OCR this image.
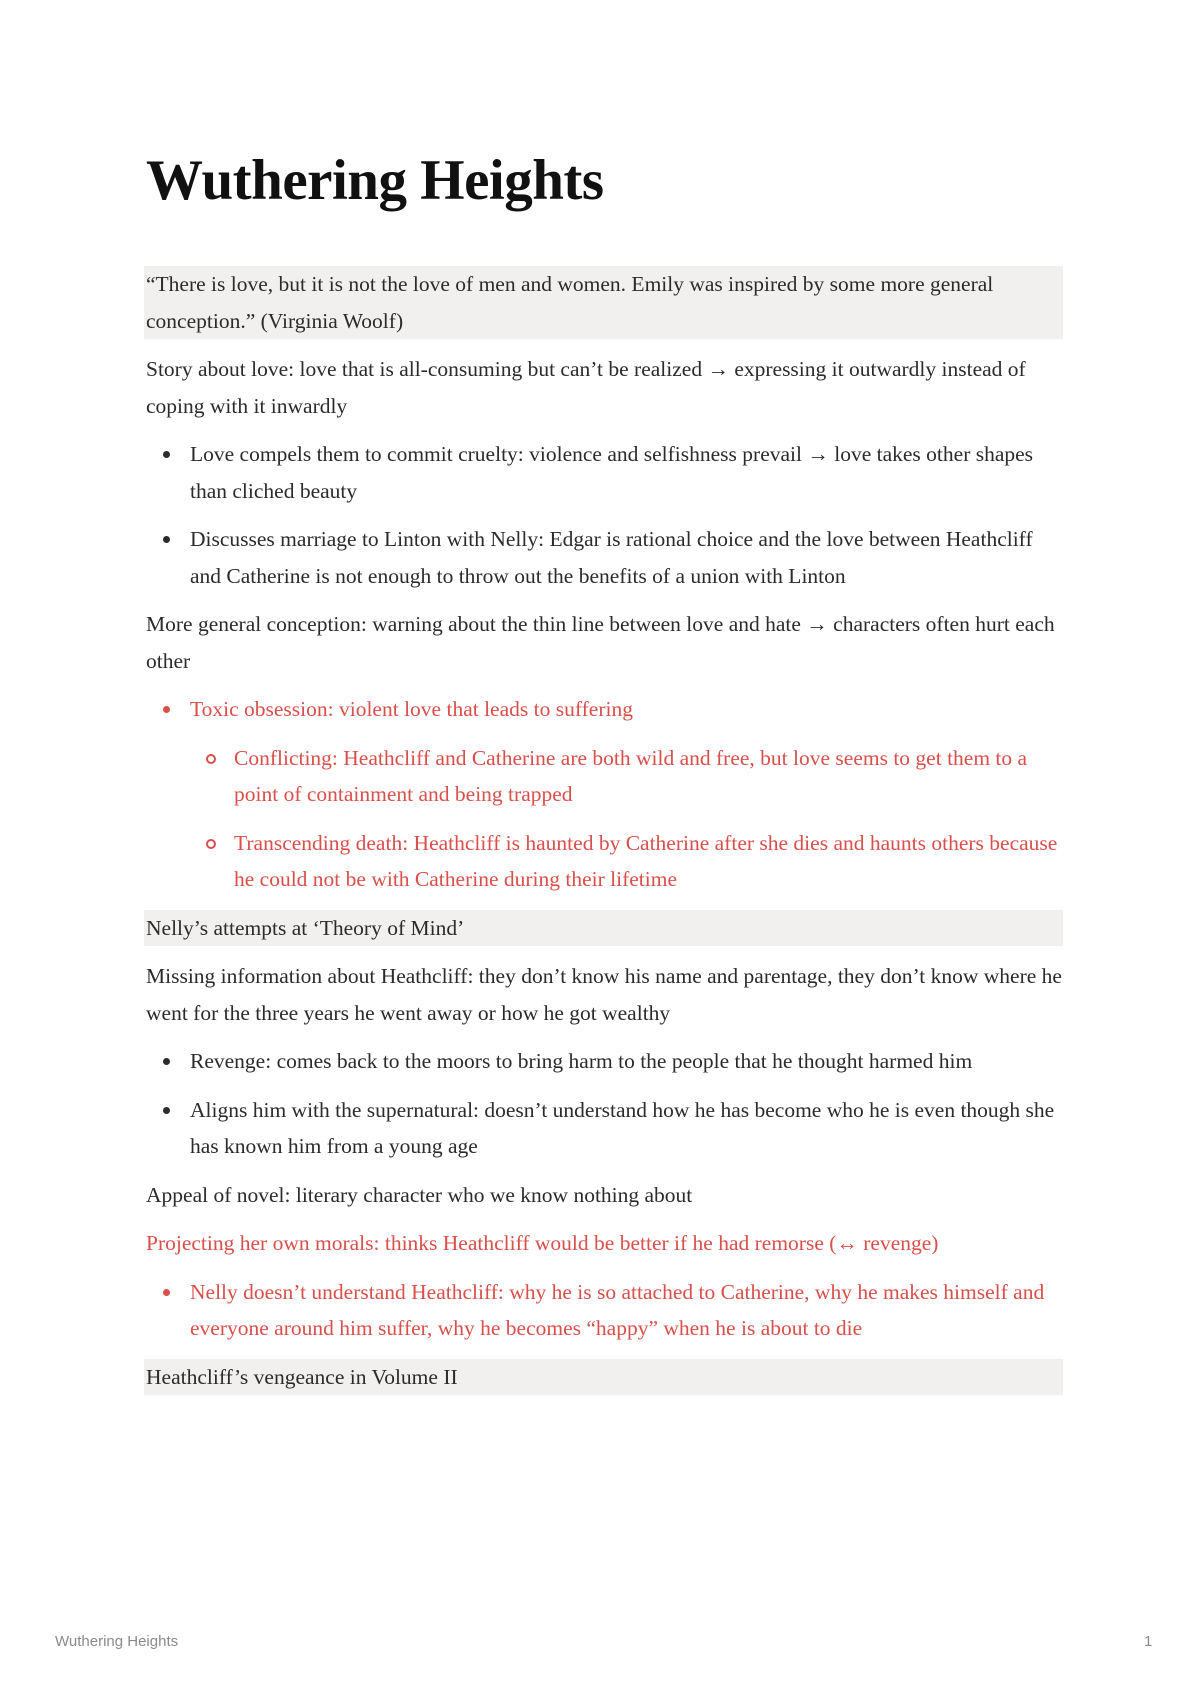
Wuthering Heights

“There is love, but it is not the love of men and women. Emily was inspired by some more general conception.” (Virginia Woolf)

Story about love: love that is all-consuming but can’t be realized → expressing it outwardly instead of coping with it inwardly

Love compels them to commit cruelty: violence and selfishness prevail → love takes other shapes than cliched beauty
Discusses marriage to Linton with Nelly: Edgar is rational choice and the love between Heathcliff and Catherine is not enough to throw out the benefits of a union with Linton

More general conception: warning about the thin line between love and hate → characters often hurt each other

Toxic obsession: violent love that leads to suffering
Conflicting: Heathcliff and Catherine are both wild and free, but love seems to get them to a point of containment and being trapped
Transcending death: Heathcliff is haunted by Catherine after she dies and haunts others because he could not be with Catherine during their lifetime

Nelly’s attempts at ‘Theory of Mind’

Missing information about Heathcliff: they don’t know his name and parentage, they don’t know where he went for the three years he went away or how he got wealthy

Revenge: comes back to the moors to bring harm to the people that he thought harmed him
Aligns him with the supernatural: doesn’t understand how he has become who he is even though she has known him from a young age

Appeal of novel: literary character who we know nothing about

Projecting her own morals: thinks Heathcliff would be better if he had remorse (↔ revenge)

Nelly doesn’t understand Heathcliff: why he is so attached to Catherine, why he makes himself and everyone around him suffer, why he becomes “happy” when he is about to die

Heathcliff’s vengeance in Volume II

Wuthering Heights	1
